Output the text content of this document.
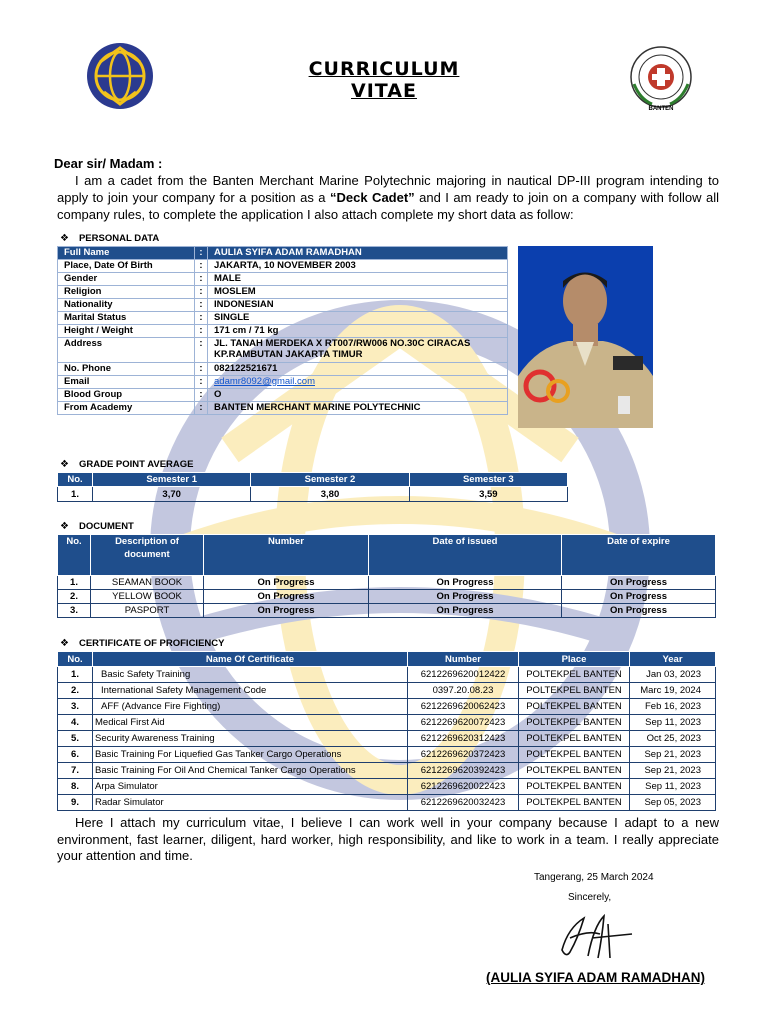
CURRICULUM
VITAE
BANTEN
Dear sir/ Madam :
I am a cadet from the Banten Merchant Marine Polytechnic majoring in nautical DP-III program intending to apply to join your company for a position as a “Deck Cadet” and I am ready to join on a company with follow all company rules, to complete the application I also attach complete my short data as follow:
❖ PERSONAL DATA
Full Name	:	AULIA SYIFA ADAM RAMADHAN
Place, Date Of Birth	:	JAKARTA, 10 NOVEMBER 2003
Gender	:	MALE
Religion	:	MOSLEM
Nationality	:	INDONESIAN
Marital Status	:	SINGLE
Height / Weight	:	171 cm / 71 kg
Address	:	JL. TANAH MERDEKA X RT007/RW006 NO.30C CIRACAS
KP.RAMBUTAN JAKARTA TIMUR

No. Phone	:	082122521671
Email	:	adamr8092@gmail.com
Blood Group	:	O
From Academy	:	BANTEN MERCHANT MARINE POLYTECHNIC
❖ GRADE POINT AVERAGE
No.	Semester 1	Semester 2	Semester 3
1.	3,70	3,80	3,59
❖ DOCUMENT
No.	Description of document	Number	Date of issued	Date of expire
1.	SEAMAN BOOK	On Progress	On Progress	On Progress
2.	YELLOW BOOK	On Progress	On Progress	On Progress
3.	PASPORT	On Progress	On Progress	On Progress
❖ CERTIFICATE OF PROFICIENCY
No.	Name Of Certificate	Number	Place	Year
1.	Basic Safety Training	6212269620012422	POLTEKPEL BANTEN	Jan 03, 2023
2.	International Safety Management Code	0397.20.08.23	POLTEKPEL BANTEN	Marc 19, 2024
3.	AFF (Advance Fire Fighting)	6212269620062423	POLTEKPEL BANTEN	Feb 16, 2023
4.	Medical First Aid	6212269620072423	POLTEKPEL BANTEN	Sep 11, 2023
5.	Security Awareness Training	6212269620312423	POLTEKPEL BANTEN	Oct 25, 2023
6.	Basic Training For Liquefied Gas Tanker Cargo Operations	6212269620372423	POLTEKPEL BANTEN	Sep 21, 2023
7.	Basic Training For Oil And Chemical Tanker Cargo Operations	6212269620392423	POLTEKPEL BANTEN	Sep 21, 2023
8.	Arpa Simulator	6212269620022423	POLTEKPEL BANTEN	Sep 11, 2023
9.	Radar Simulator	6212269620032423	POLTEKPEL BANTEN	Sep 05, 2023
Here I attach my curriculum vitae, I believe I can work well in your company because I adapt to a new environment, fast learner, diligent, hard worker, high responsibility, and like to work in a team. I really appreciate your attention and time.
Tangerang, 25 March 2024
Sincerely,
(AULIA SYIFA ADAM RAMADHAN)
